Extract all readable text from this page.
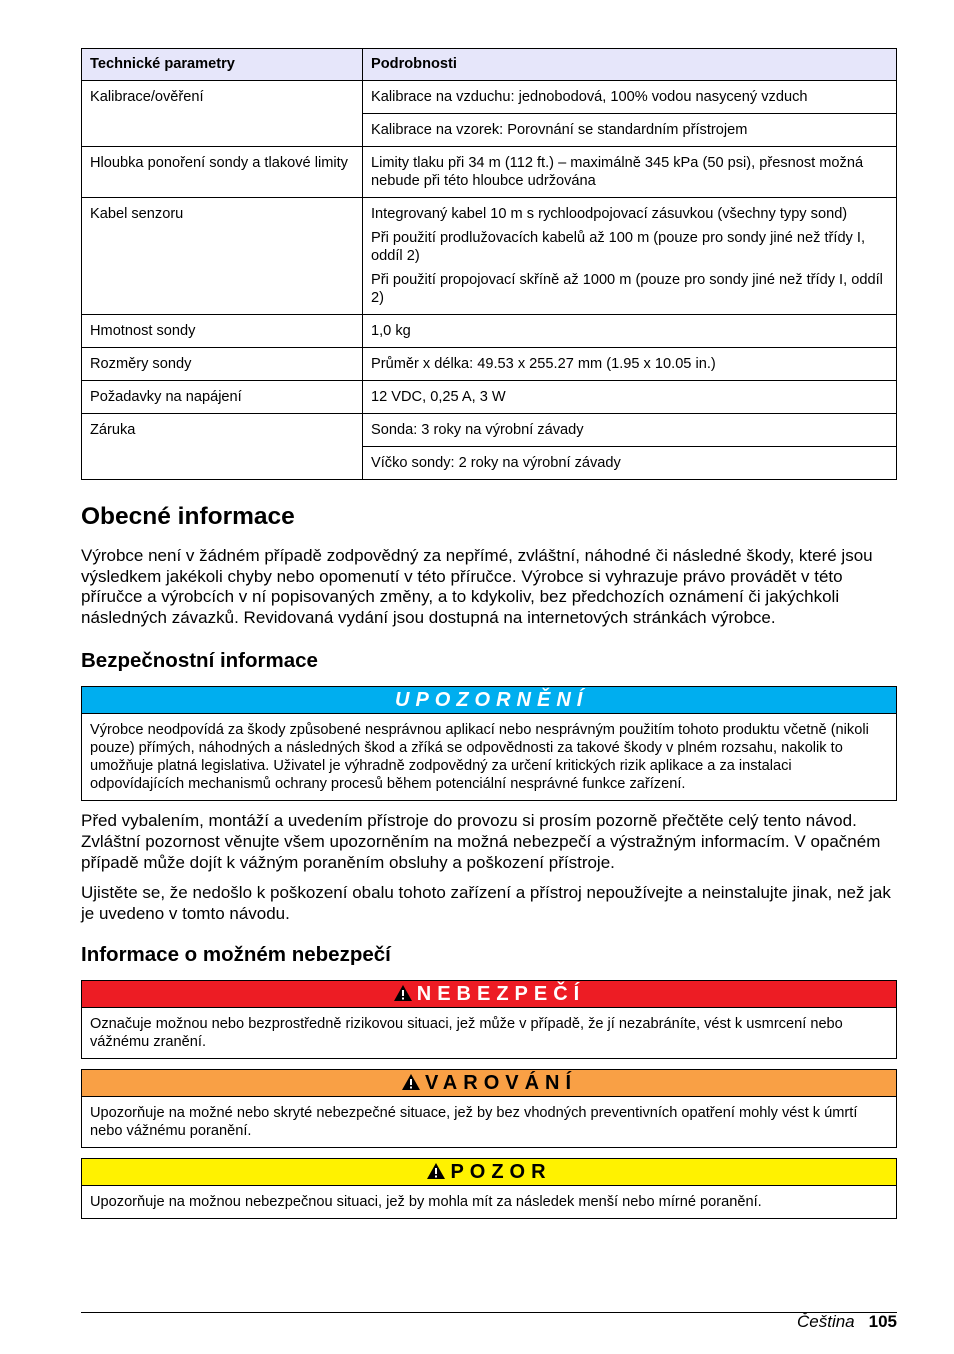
Technické parametry	Podrobnosti
Kalibrace/ověření	Kalibrace na vzduchu: jednobodová, 100% vodou nasycený vzduch
	Kalibrace na vzorek: Porovnání se standardním přístrojem
Hloubka ponoření sondy a tlakové limity	Limity tlaku při 34 m (112 ft.) – maximálně 345 kPa (50 psi), přesnost možná nebude při této hloubce udržována
Kabel senzoru	Integrovaný kabel 10 m s rychloodpojovací zásuvkou (všechny typy sond)

Při použití prodlužovacích kabelů až 100 m (pouze pro sondy jiné než třídy I, oddíl 2)

Při použití propojovací skříně až 1000 m (pouze pro sondy jiné než třídy I, oddíl 2)

Hmotnost sondy	1,0 kg
Rozměry sondy	Průměr x délka: 49.53 x 255.27 mm (1.95 x 10.05 in.)
Požadavky na napájení	12 VDC, 0,25 A, 3 W
Záruka	Sonda: 3 roky na výrobní závady
	Víčko sondy: 2 roky na výrobní závady
Obecné informace

Výrobce není v žádném případě zodpovědný za nepřímé, zvláštní, náhodné či následné škody, které jsou výsledkem jakékoli chyby nebo opomenutí v této příručce. Výrobce si vyhrazuje právo provádět v této příručce a výrobcích v ní popisovaných změny, a to kdykoliv, bez předchozích oznámení či jakýchkoli následných závazků. Revidovaná vydání jsou dostupná na internetových stránkách výrobce.

Bezpečnostní informace
UPOZORNĚNÍ
Výrobce neodpovídá za škody způsobené nesprávnou aplikací nebo nesprávným použitím tohoto produktu včetně (nikoli pouze) přímých, náhodných a následných škod a zříká se odpovědnosti za takové škody v plném rozsahu, nakolik to umožňuje platná legislativa. Uživatel je výhradně zodpovědný za určení kritických rizik aplikace a za instalaci odpovídajících mechanismů ochrany procesů během potenciální nesprávné funkce zařízení.

Před vybalením, montáží a uvedením přístroje do provozu si prosím pozorně přečtěte celý tento návod. Zvláštní pozornost věnujte všem upozorněním na možná nebezpečí a výstražným informacím. V opačném případě může dojít k vážným poraněním obsluhy a poškození přístroje.

Ujistěte se, že nedošlo k poškození obalu tohoto zařízení a přístroj nepoužívejte a neinstalujte jinak, než jak je uvedeno v tomto návodu.

Informace o možném nebezpečí
NEBEZPEČÍ
Označuje možnou nebo bezprostředně rizikovou situaci, jež může v případě, že jí nezabráníte, vést k usmrcení nebo vážnému zranění.
VAROVÁNÍ
Upozorňuje na možné nebo skryté nebezpečné situace, jež by bez vhodných preventivních opatření mohly vést k úmrtí nebo vážnému poranění.
POZOR
Upozorňuje na možnou nebezpečnou situaci, jež by mohla mít za následek menší nebo mírné poranění.
Čeština 105
